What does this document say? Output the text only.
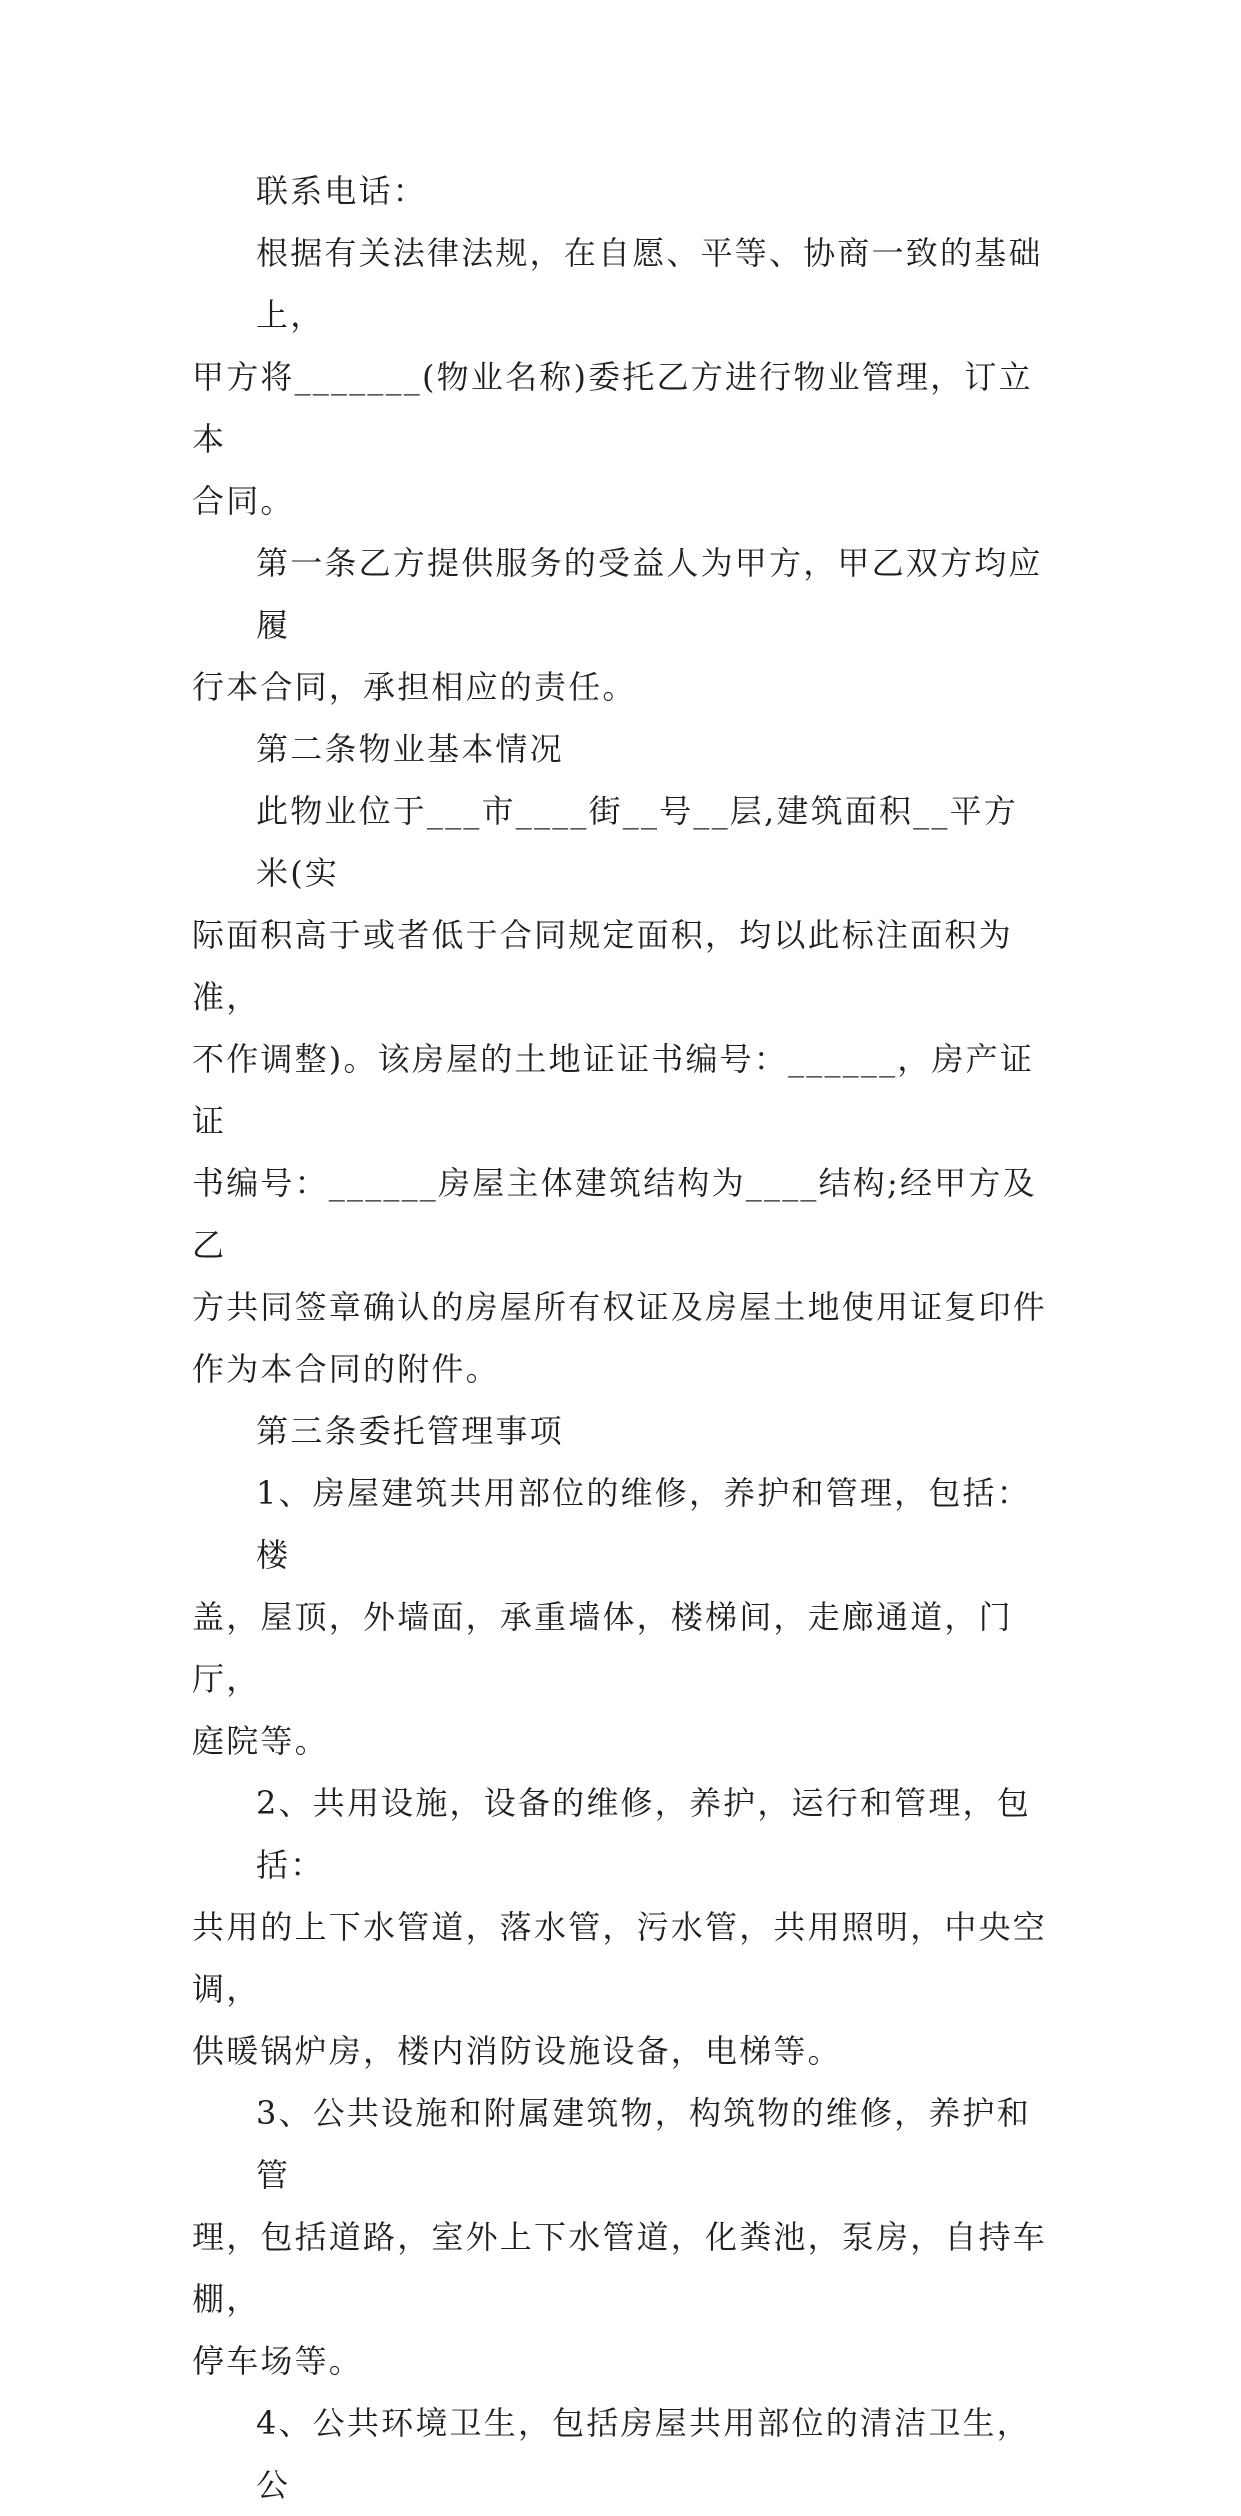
联系电话：
根据有关法律法规，在自愿、平等、协商一致的基础上，
甲方将_______(物业名称)委托乙方进行物业管理，订立本
合同。
第一条乙方提供服务的受益人为甲方，甲乙双方均应履
行本合同，承担相应的责任。
第二条物业基本情况
此物业位于___市____街__号__层,建筑面积__平方米(实
际面积高于或者低于合同规定面积，均以此标注面积为准，
不作调整)。该房屋的土地证证书编号：______，房产证证
书编号：______房屋主体建筑结构为____结构;经甲方及乙
方共同签章确认的房屋所有权证及房屋土地使用证复印件
作为本合同的附件。
第三条委托管理事项
1、房屋建筑共用部位的维修，养护和管理，包括：楼
盖，屋顶，外墙面，承重墙体，楼梯间，走廊通道，门厅，
庭院等。
2、共用设施，设备的维修，养护，运行和管理，包括：
共用的上下水管道，落水管，污水管，共用照明，中央空调，
供暖锅炉房，楼内消防设施设备，电梯等。
3、公共设施和附属建筑物，构筑物的维修，养护和管
理，包括道路，室外上下水管道，化粪池，泵房，自持车棚，
停车场等。
4、公共环境卫生，包括房屋共用部位的清洁卫生，公
